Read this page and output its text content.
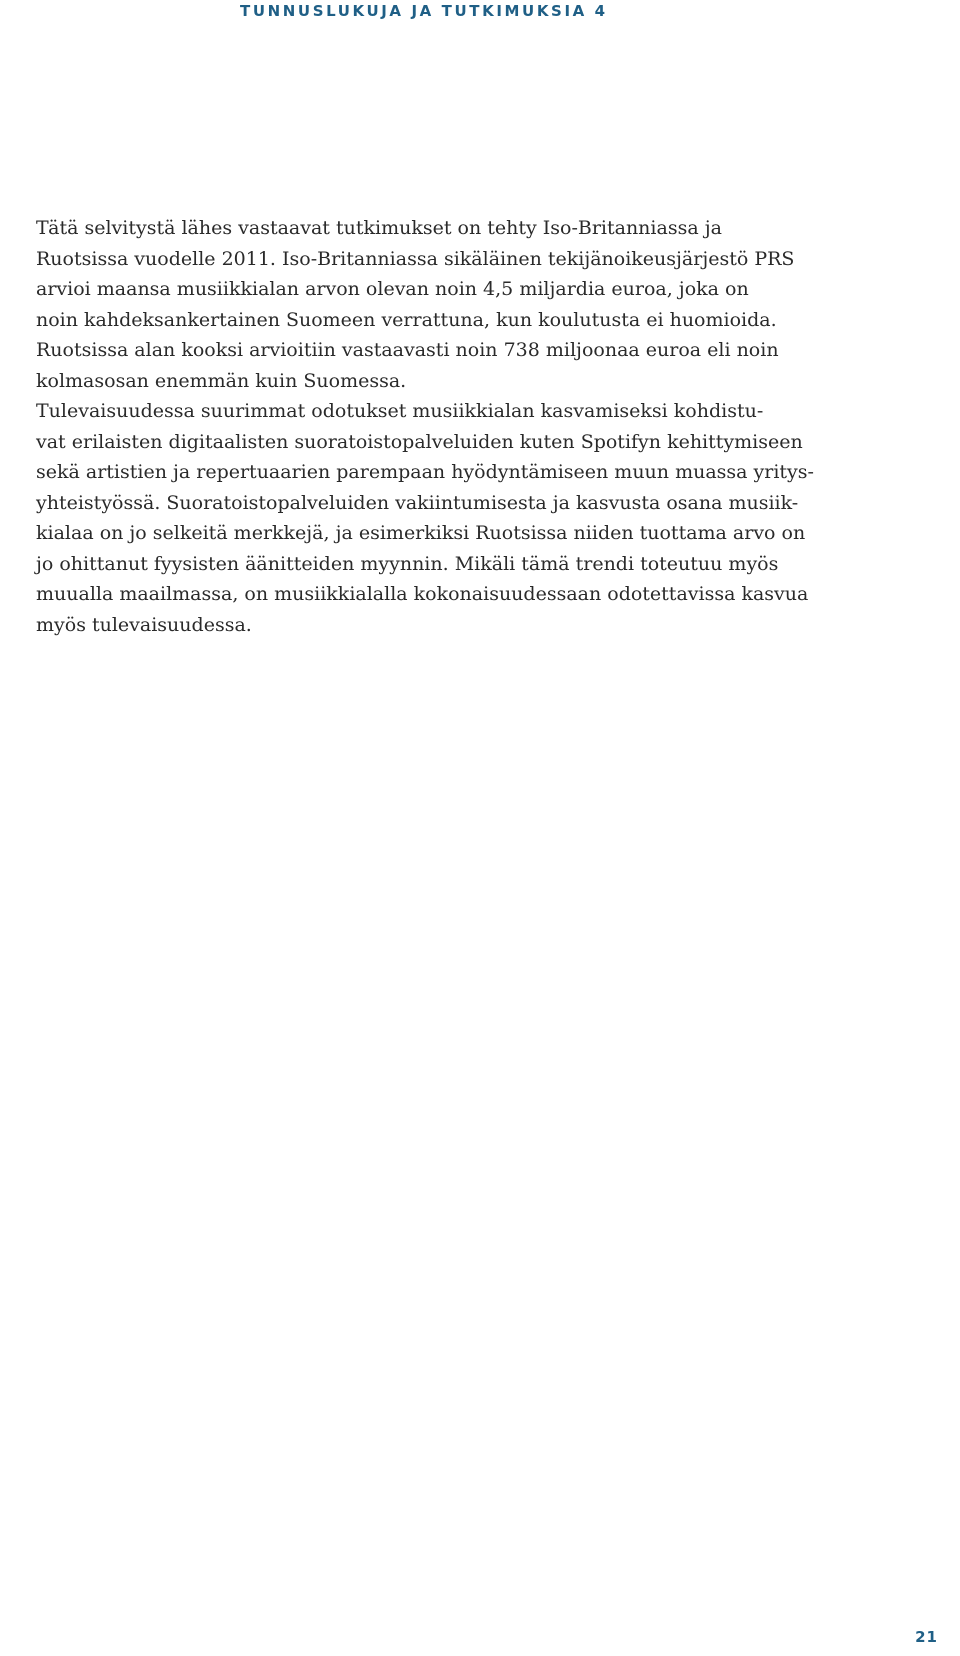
TUNNUSLUKUJA JA TUTKIMUKSIA 4
Tätä selvitystä lähes vastaavat tutkimukset on tehty Iso-Britanniassa ja
Ruotsissa vuodelle 2011. Iso-Britanniassa sikäläinen tekijänoikeusjärjestö PRS
arvioi maansa musiikkialan arvon olevan noin 4,5 miljardia euroa, joka on
noin kahdeksankertainen Suomeen verrattuna, kun koulutusta ei huomioida.
Ruotsissa alan kooksi arvioitiin vastaavasti noin 738 miljoonaa euroa eli noin
kolmasosan enemmän kuin Suomessa.
Tulevaisuudessa suurimmat odotukset musiikkialan kasvamiseksi kohdistu-
vat erilaisten digitaalisten suoratoistopalveluiden kuten Spotifyn kehittymiseen
sekä artistien ja repertuaarien parempaan hyödyntämiseen muun muassa yritys-
yhteistyössä. Suoratoistopalveluiden vakiintumisesta ja kasvusta osana musiik-
kialaa on jo selkeitä merkkejä, ja esimerkiksi Ruotsissa niiden tuottama arvo on
jo ohittanut fyysisten äänitteiden myynnin. Mikäli tämä trendi toteutuu myös
muualla maailmassa, on musiikkialalla kokonaisuudessaan odotettavissa kasvua
myös tulevaisuudessa.
21
